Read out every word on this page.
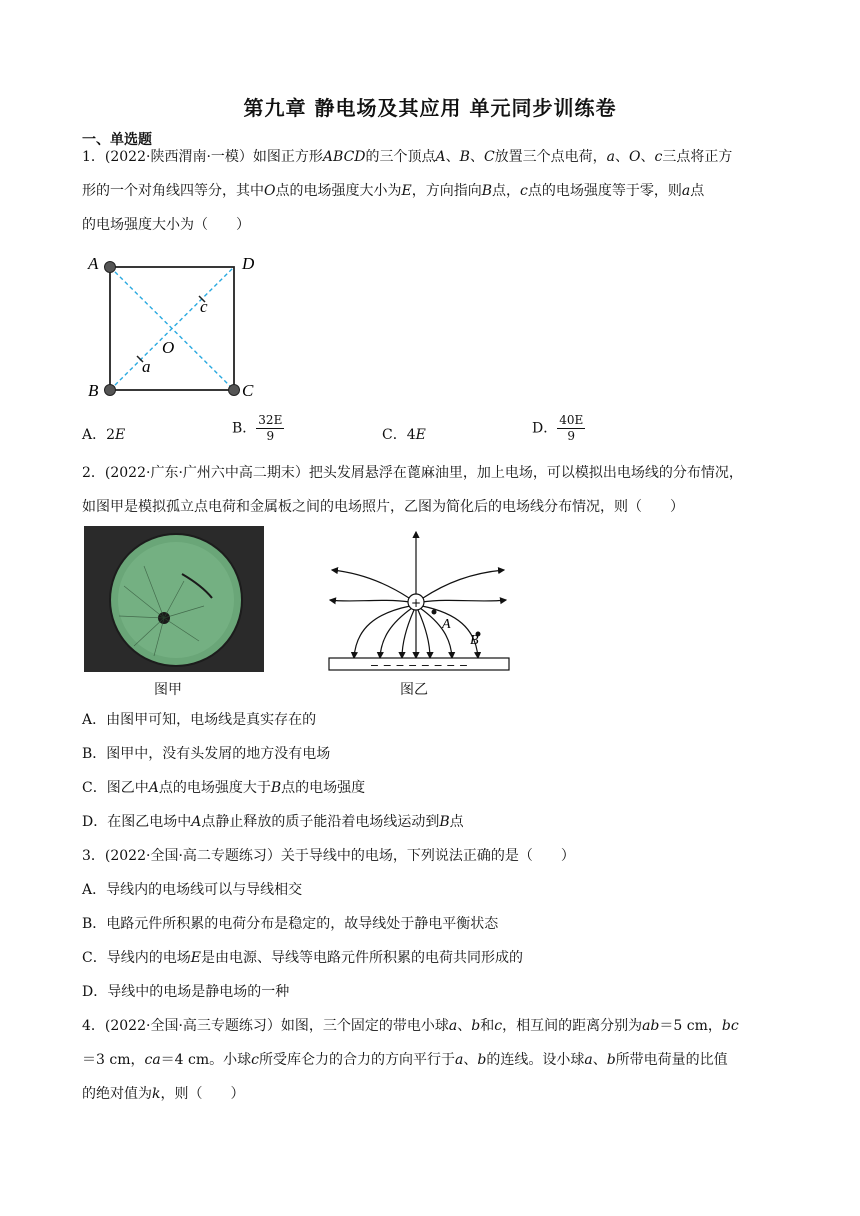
第九章 静电场及其应用 单元同步训练卷
一、单选题
1．(2022·陕西渭南·一模）如图正方形ABCD的三个顶点A、B、C放置三个点电荷，a、O、c三点将正方
形的一个对角线四等分，其中O点的电场强度大小为E，方向指向B点，c点的电场强度等于零，则a点
的电场强度大小为（　　）
A	D
B	C
O
a
c
A．2E	B． $\frac{32E}{9}$	C．4E	D． $\frac{40E}{9}$
2．(2022·广东·广州六中高二期末）把头发屑悬浮在蓖麻油里，加上电场，可以模拟出电场线的分布情况，
如图甲是模拟孤立点电荷和金属板之间的电场照片，乙图为简化后的电场线分布情况，则（　　）
图甲
+
A
B
− − − − − − − −
图乙
A．由图甲可知，电场线是真实存在的
B．图甲中，没有头发屑的地方没有电场
C．图乙中A点的电场强度大于B点的电场强度
D．在图乙电场中A点静止释放的质子能沿着电场线运动到B点
3．(2022·全国·高二专题练习）关于导线中的电场，下列说法正确的是（　　）
A．导线内的电场线可以与导线相交
B．电路元件所积累的电荷分布是稳定的，故导线处于静电平衡状态
C．导线内的电场E是由电源、导线等电路元件所积累的电荷共同形成的
D．导线中的电场是静电场的一种
4．(2022·全国·高三专题练习）如图，三个固定的带电小球a、b和c，相互间的距离分别为ab＝5 cm，bc
＝3 cm，ca＝4 cm。小球c所受库仑力的合力的方向平行于a、b的连线。设小球a、b所带电荷量的比值
的绝对值为k，则（　　）
